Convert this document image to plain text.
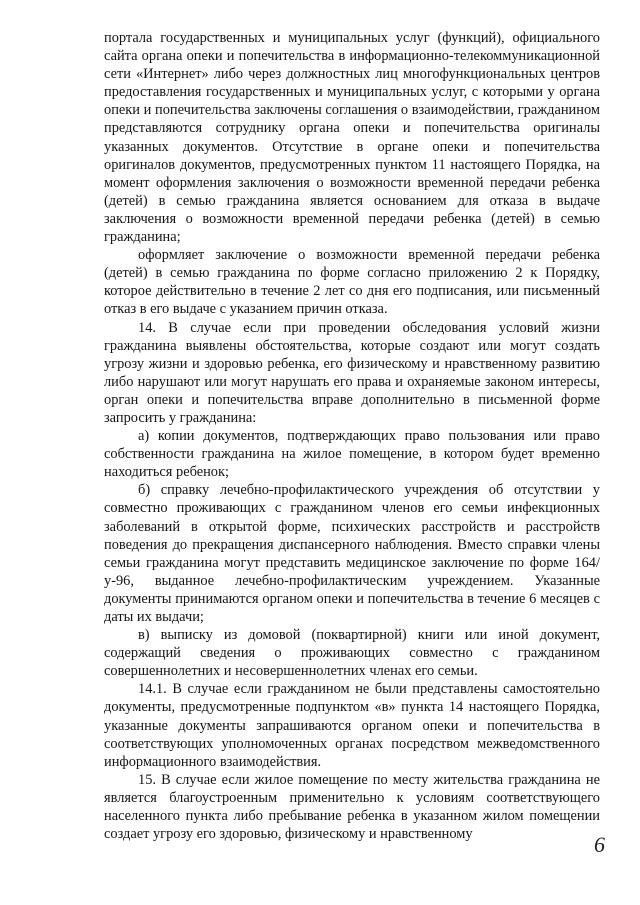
портала государственных и муниципальных услуг (функций), официального сайта органа опеки и попечительства в информационно-телекоммуникационной сети «Интернет» либо через должностных лиц многофункциональных центров предоставления государственных и муниципальных услуг, с которыми у органа опеки и попечительства заключены соглашения о взаимодействии, гражданином представляются сотруднику органа опеки и попечительства оригиналы указанных документов. Отсутствие в органе опеки и попечительства оригиналов документов, предусмотренных пунктом 11 настоящего Порядка, на момент оформления заключения о возможности временной передачи ребенка (детей) в семью гражданина является основанием для отказа в выдаче заключения о возможности временной передачи ребенка (детей) в семью гражданина;

оформляет заключение о возможности временной передачи ребенка (детей) в семью гражданина по форме согласно приложению 2 к Порядку, которое действительно в течение 2 лет со дня его подписания, или письменный отказ в его выдаче с указанием причин отказа.

14. В случае если при проведении обследования условий жизни гражданина выявлены обстоятельства, которые создают или могут создать угрозу жизни и здоровью ребенка, его физическому и нравственному развитию либо нарушают или могут нарушать его права и охраняемые законом интересы, орган опеки и попечительства вправе дополнительно в письменной форме запросить у гражданина:

а) копии документов, подтверждающих право пользования или право собственности гражданина на жилое помещение, в котором будет временно находиться ребенок;

б) справку лечебно-профилактического учреждения об отсутствии у совместно проживающих с гражданином членов его семьи инфекционных заболеваний в открытой форме, психических расстройств и расстройств поведения до прекращения диспансерного наблюдения. Вместо справки члены семьи гражданина могут представить медицинское заключение по форме 164/у-96, выданное лечебно-профилактическим учреждением. Указанные документы принимаются органом опеки и попечительства в течение 6 месяцев с даты их выдачи;

в) выписку из домовой (поквартирной) книги или иной документ, содержащий сведения о проживающих совместно с гражданином совершеннолетних и несовершеннолетних членах его семьи.

14.1. В случае если гражданином не были представлены самостоятельно документы, предусмотренные подпунктом «в» пункта 14 настоящего Порядка, указанные документы запрашиваются органом опеки и попечительства в соответствующих уполномоченных органах посредством межведомственного информационного взаимодействия.

15. В случае если жилое помещение по месту жительства гражданина не является благоустроенным применительно к условиям соответствующего населенного пункта либо пребывание ребенка в указанном жилом помещении создает угрозу его здоровью, физическому и нравственному	6
